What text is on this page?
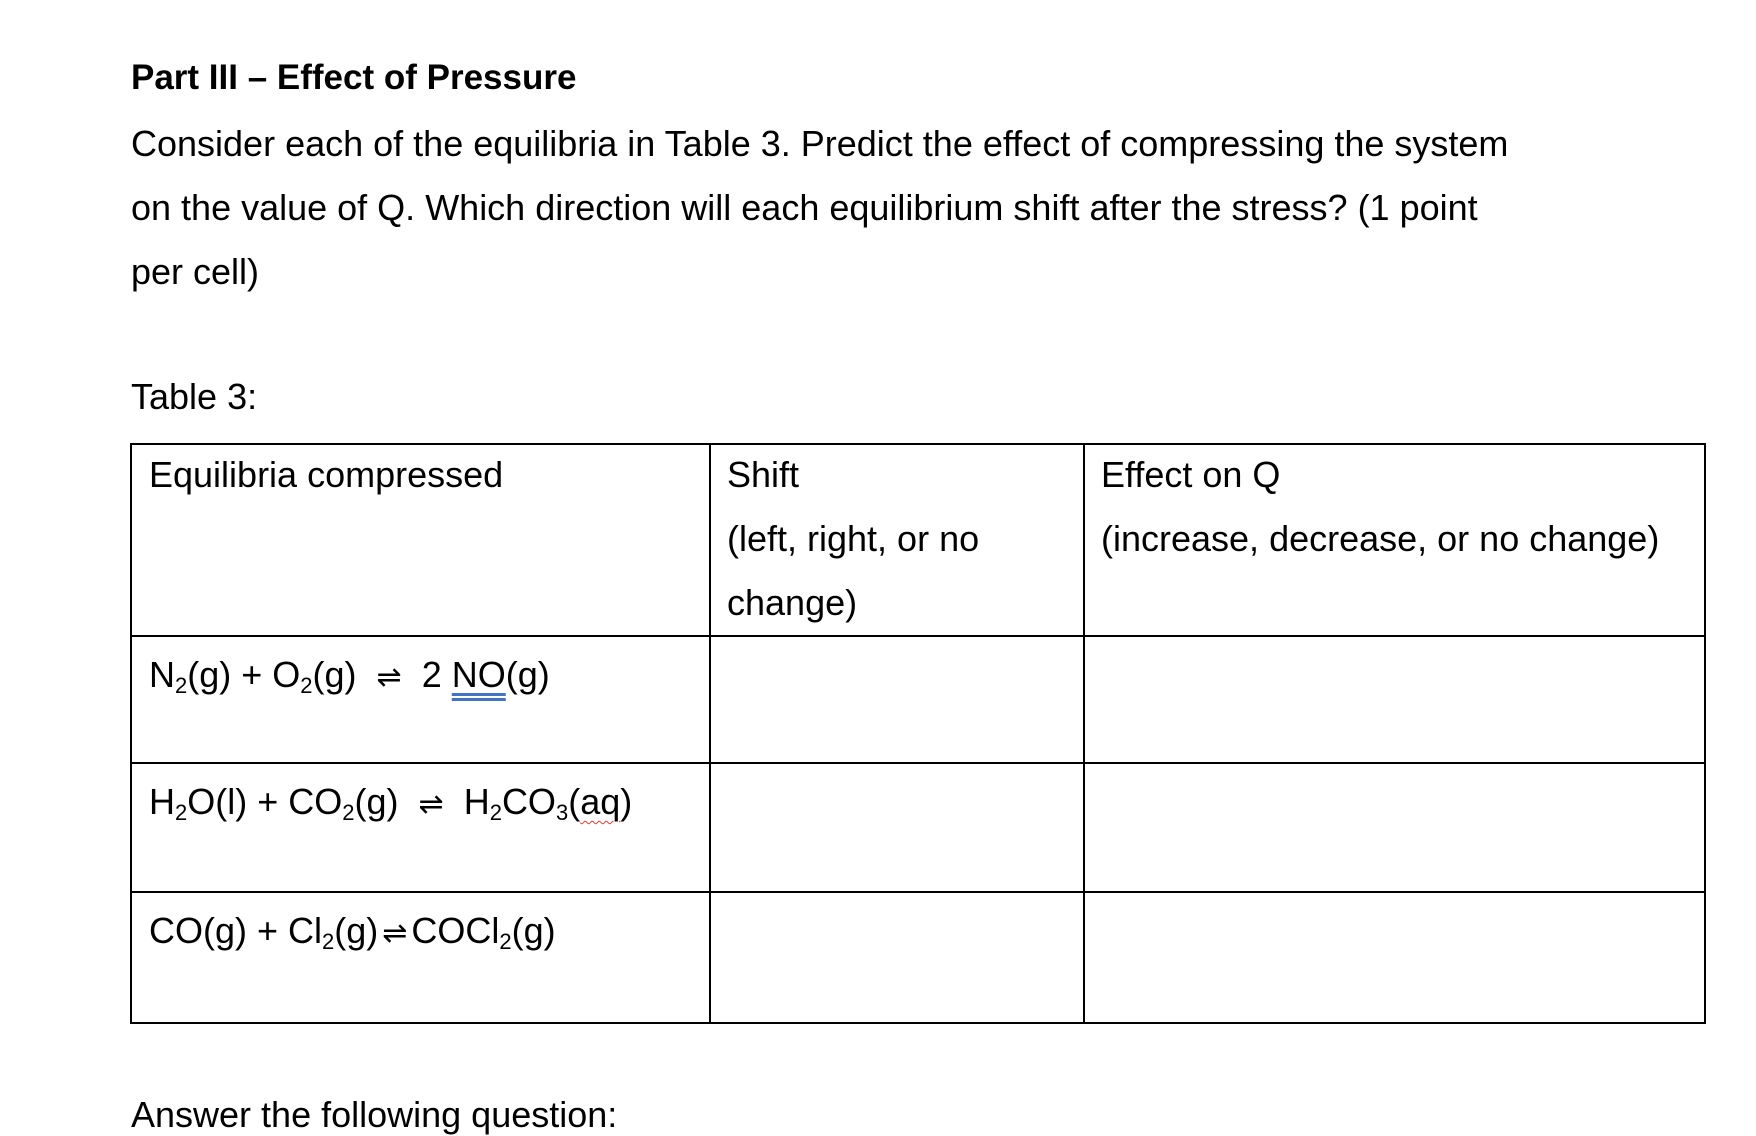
Part III – Effect of Pressure
Consider each of the equilibria in Table 3. Predict the effect of compressing the system
on the value of Q. Which direction will each equilibrium shift after the stress? (1 point
per cell)
Table 3:
Equilibria compressed	Shift
(left, right, or no
change)
Effect on Q
(increase, decrease, or no change)
$N_2(g) + O_2(g)$ ⇌ 2 NO(g)
$H_2O(l) + CO_2(g)$ ⇌ $H_2CO_3(aq)$
$CO(g) + Cl_2(g)$ ⇌ COCl$_2$(g)
Answer the following question:
